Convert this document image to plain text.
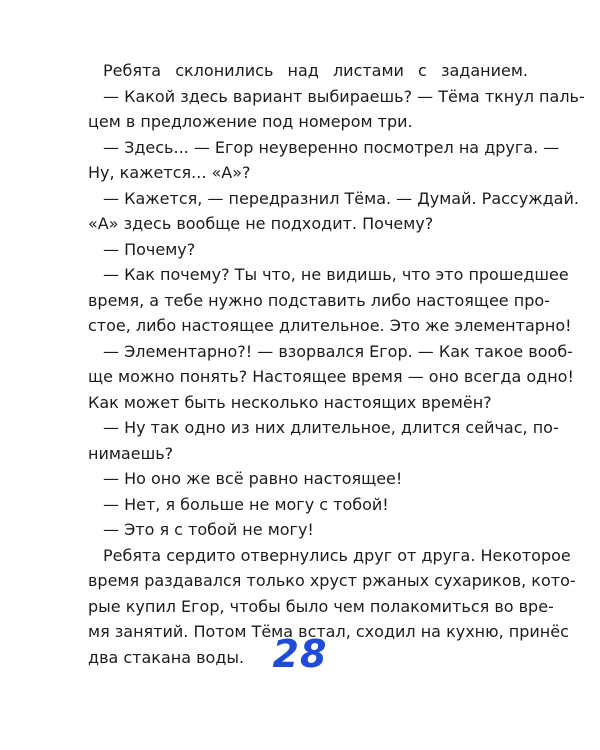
Ребята склонились над листами с заданием.
— Какой здесь вариант выбираешь? — Тёма ткнул паль-
цем в предложение под номером три.
— Здесь... — Егор неуверенно посмотрел на друга. —
Ну, кажется... «А»?
— Кажется, — передразнил Тёма. — Думай. Рассуждай.
«А» здесь вообще не подходит. Почему?
— Почему?
— Как почему? Ты что, не видишь, что это прошедшее
время, а тебе нужно подставить либо настоящее про-
стое, либо настоящее длительное. Это же элементарно!
— Элементарно?! — взорвался Егор. — Как такое вооб-
ще можно понять? Настоящее время — оно всегда одно!
Как может быть несколько настоящих времён?
— Ну так одно из них длительное, длится сейчас, по-
нимаешь?
— Но оно же всё равно настоящее!
— Нет, я больше не могу с тобой!
— Это я с тобой не могу!
Ребята сердито отвернулись друг от друга. Некоторое
время раздавался только хруст ржаных сухариков, кото-
рые купил Егор, чтобы было чем полакомиться во вре-
мя занятий. Потом Тёма встал, сходил на кухню, принёс
два стакана воды. 28
